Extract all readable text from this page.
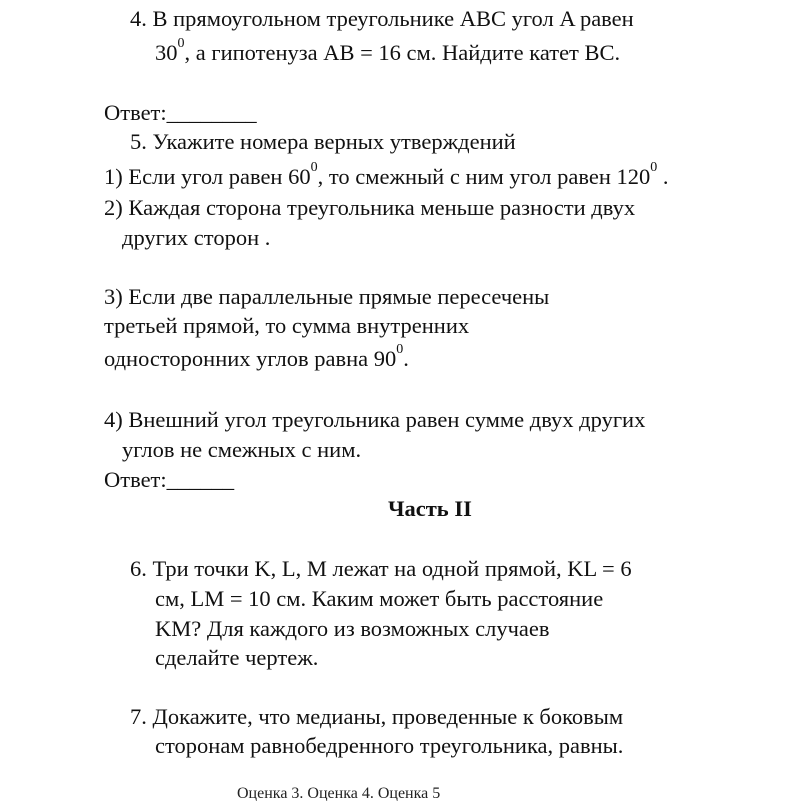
4. В прямоугольном треугольнике ABC угол A равен
$30^0$, а гипотенуза AB = 16 см. Найдите катет BC.
Ответ:________
5. Укажите номера верных утверждений
1) Если угол равен $60^0$, то смежный с ним угол равен $120^0$ .
2) Каждая сторона треугольника меньше разности двух
других сторон .
3) Если две параллельные прямые пересечены
третьей прямой, то сумма внутренних
односторонних углов равна $90^0$.
4) Внешний угол треугольника равен сумме двух других
углов не смежных с ним.
Ответ:______
Часть II
6. Три точки K, L, M лежат на одной прямой, KL = 6
см, LM = 10 см. Каким может быть расстояние
KM? Для каждого из возможных случаев
сделайте чертеж.
7. Докажите, что медианы, проведенные к боковым
сторонам равнобедренного треугольника, равны.
Оценка 3. Оценка 4. Оценка 5
